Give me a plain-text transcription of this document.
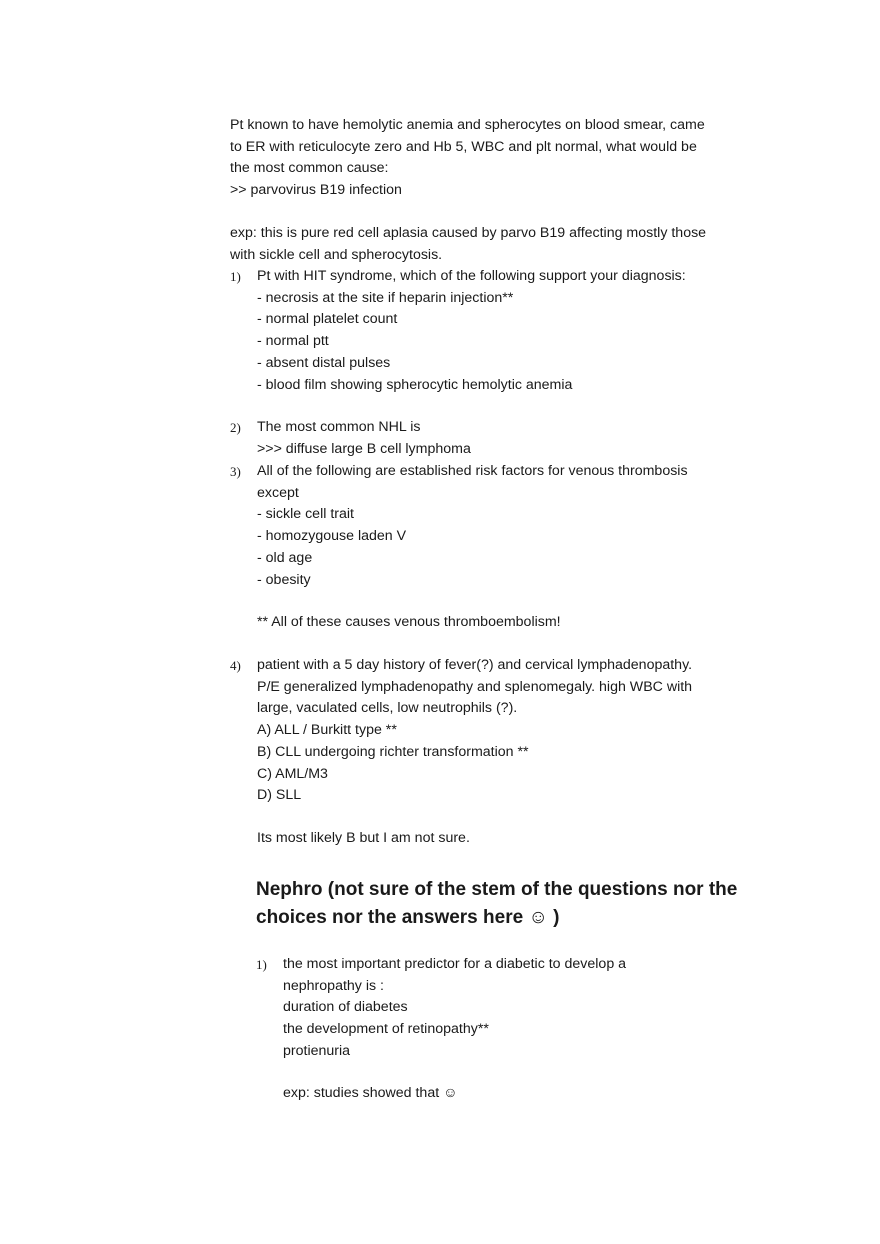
Pt known to have hemolytic anemia and spherocytes on blood smear, came
to ER with reticulocyte zero and Hb 5, WBC and plt normal, what would be
the most common cause:
>> parvovirus B19 infection
exp: this is pure red cell aplasia caused by parvo B19 affecting mostly those
with sickle cell and spherocytosis.
1) Pt with HIT syndrome, which of the following support your diagnosis:
- necrosis at the site if heparin injection**
- normal platelet count
- normal ptt
- absent distal pulses
- blood film showing spherocytic hemolytic anemia
2) The most common NHL is
>>> diffuse large B cell lymphoma
3) All of the following are established risk factors for venous thrombosis
except
- sickle cell trait
- homozygouse laden V
- old age
- obesity
** All of these causes venous thromboembolism!
4) patient with a 5 day history of fever(?) and cervical lymphadenopathy.
P/E generalized lymphadenopathy and splenomegaly. high WBC with
large, vaculated cells, low neutrophils (?).
A) ALL / Burkitt type **
B) CLL undergoing richter transformation **
C) AML/M3
D) SLL
Its most likely B but I am not sure.
Nephro (not sure of the stem of the questions nor the
choices nor the answers here ☺ )
1) the most important predictor for a diabetic to develop a
nephropathy is :
duration of diabetes
the development of retinopathy**
protienuria
exp: studies showed that ☺
